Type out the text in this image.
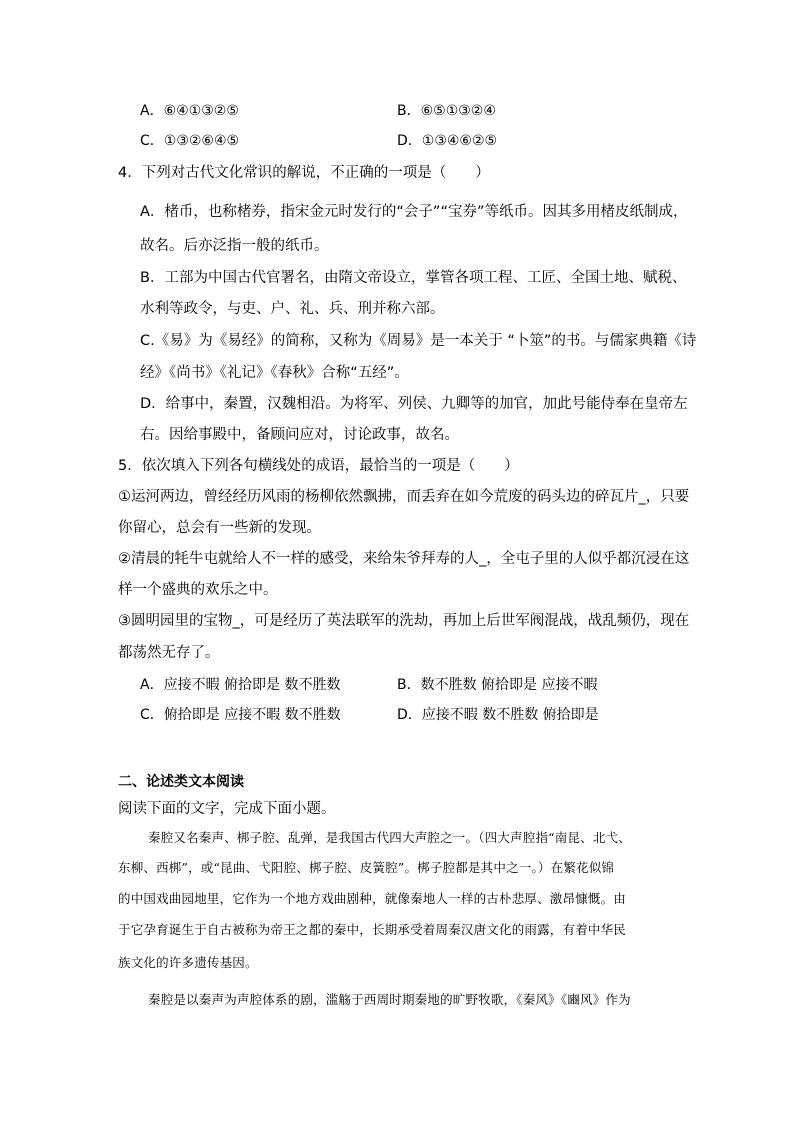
A．⑥④①③②⑤	B．⑥⑤①③②④
C．①③②⑥④⑤	D．①③④⑥②⑤
4．下列对古代文化常识的解说，不正确的一项是（　　）
A．楮币，也称楮券，指宋金元时发行的“会子”“宝券”等纸币。因其多用楮皮纸制成，
故名。后亦泛指一般的纸币。
B．工部为中国古代官署名，由隋文帝设立，掌管各项工程、工匠、全国土地、赋税、
水利等政令，与吏、户、礼、兵、刑并称六部。
C.《易》为《易经》的简称，又称为《周易》是一本关于 “卜筮”的书。与儒家典籍《诗
经》《尚书》《礼记》《春秋》合称“五经”。
D．给事中，秦置，汉魏相沿。为将军、列侯、九卿等的加官，加此号能侍奉在皇帝左
右。因给事殿中，备顾问应对，讨论政事，故名。
5．依次填入下列各句横线处的成语，最恰当的一项是（　　）
①运河两边，曾经经历风雨的杨柳依然飘拂，而丢弃在如今荒废的码头边的碎瓦片_，只要
你留心，总会有一些新的发现。
②清晨的牦牛屯就给人不一样的感受，来给朱爷拜寿的人_，全屯子里的人似乎都沉浸在这
样一个盛典的欢乐之中。
③圆明园里的宝物_，可是经历了英法联军的洗劫，再加上后世军阀混战，战乱频仍，现在
都荡然无存了。
A．应接不暇 俯拾即是 数不胜数	B．数不胜数 俯拾即是 应接不暇
C．俯拾即是 应接不暇 数不胜数	D．应接不暇 数不胜数 俯拾即是
二、论述类文本阅读
阅读下面的文字，完成下面小题。
秦腔又名秦声、梆子腔、乱弹，是我国古代四大声腔之一。（四大声腔指“南昆、北弋、
东柳、西梆”，或“昆曲、弋阳腔、梆子腔、皮簧腔”。梆子腔都是其中之一。）在繁花似锦
的中国戏曲园地里，它作为一个地方戏曲剧种，就像秦地人一样的古朴悲厚、激昂慷慨。由
于它孕育诞生于自古被称为帝王之都的秦中，长期承受着周秦汉唐文化的雨露，有着中华民
族文化的许多遗传基因。
秦腔是以秦声为声腔体系的剧，滥觞于西周时期秦地的旷野牧歌，《秦风》《豳风》作为
